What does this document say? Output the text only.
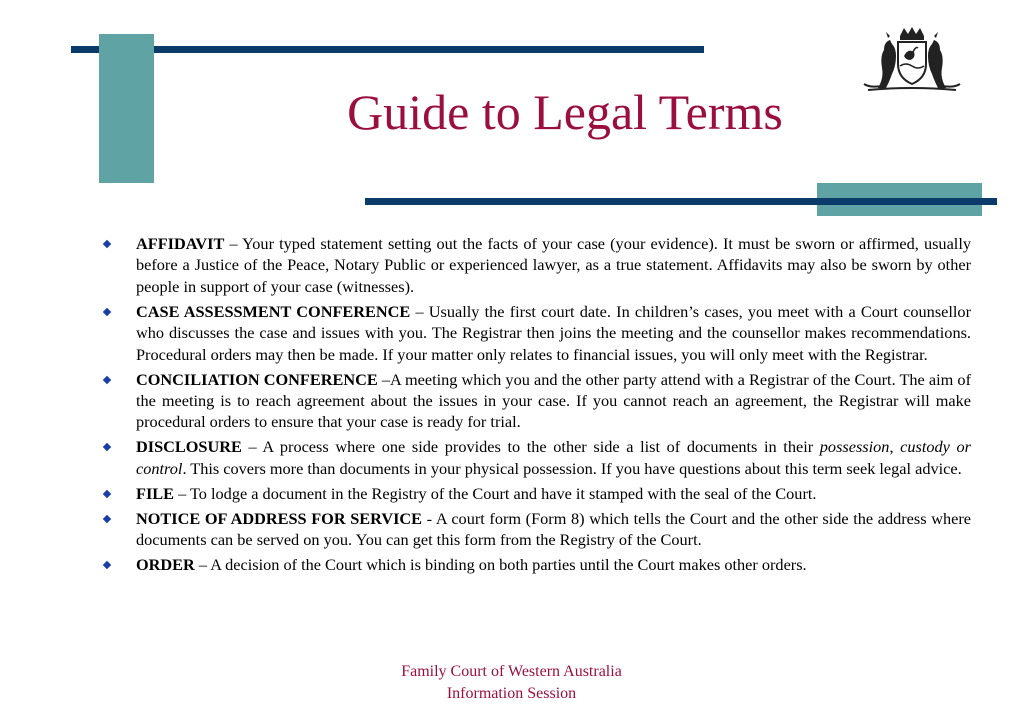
Guide to Legal Terms
AFFIDAVIT – Your typed statement setting out the facts of your case (your evidence). It must be sworn or affirmed, usually before a Justice of the Peace, Notary Public or experienced lawyer, as a true statement. Affidavits may also be sworn by other people in support of your case (witnesses).
CASE ASSESSMENT CONFERENCE – Usually the first court date. In children’s cases, you meet with a Court counsellor who discusses the case and issues with you. The Registrar then joins the meeting and the counsellor makes recommendations. Procedural orders may then be made. If your matter only relates to financial issues, you will only meet with the Registrar.
CONCILIATION CONFERENCE –A meeting which you and the other party attend with a Registrar of the Court. The aim of the meeting is to reach agreement about the issues in your case. If you cannot reach an agreement, the Registrar will make procedural orders to ensure that your case is ready for trial.
DISCLOSURE – A process where one side provides to the other side a list of documents in their possession, custody or control. This covers more than documents in your physical possession. If you have questions about this term seek legal advice.
FILE – To lodge a document in the Registry of the Court and have it stamped with the seal of the Court.
NOTICE OF ADDRESS FOR SERVICE - A court form (Form 8) which tells the Court and the other side the address where documents can be served on you. You can get this form from the Registry of the Court.
ORDER – A decision of the Court which is binding on both parties until the Court makes other orders.
Family Court of Western Australia
Information Session
